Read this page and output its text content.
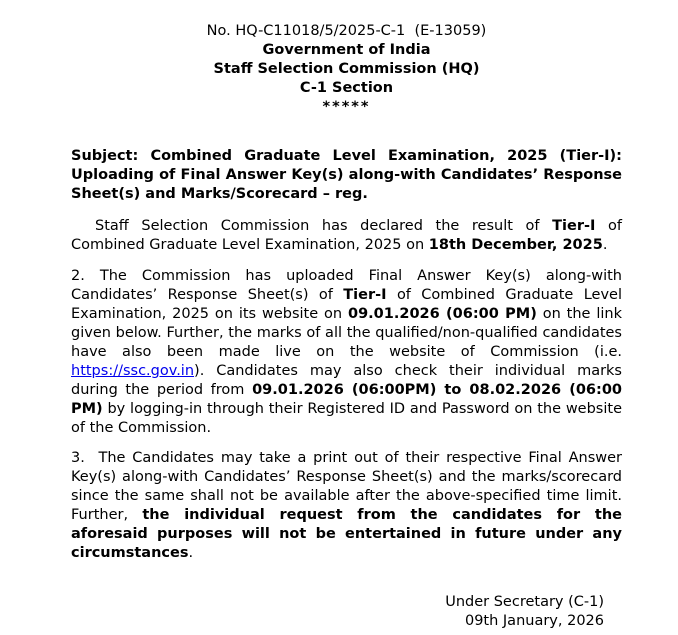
No. HQ-C11018/5/2025-C-1  (E-13059)
Government of India
Staff Selection Commission (HQ)
C-1 Section
*****

Subject: Combined Graduate Level Examination, 2025 (Tier-I): Uploading of Final Answer Key(s) along-with Candidates’ Response Sheet(s) and Marks/Scorecard – reg.

Staff Selection Commission has declared the result of Tier-I of Combined Graduate Level Examination, 2025 on 18th December, 2025.

2. The Commission has uploaded Final Answer Key(s) along-with Candidates’ Response Sheet(s) of Tier-I of Combined Graduate Level Examination, 2025 on its website on 09.01.2026 (06:00 PM) on the link given below. Further, the marks of all the qualified/non-qualified candidates have also been made live on the website of Commission (i.e. https://ssc.gov.in). Candidates may also check their individual marks during the period from 09.01.2026 (06:00PM) to 08.02.2026 (06:00 PM) by logging-in through their Registered ID and Password on the website of the Commission.

3.  The Candidates may take a print out of their respective Final Answer Key(s) along-with Candidates’ Response Sheet(s) and the marks/scorecard since the same shall not be available after the above-specified time limit. Further, the individual request from the candidates for the aforesaid purposes will not be entertained in future under any circumstances.

Under Secretary (C-1)
09th January, 2026
